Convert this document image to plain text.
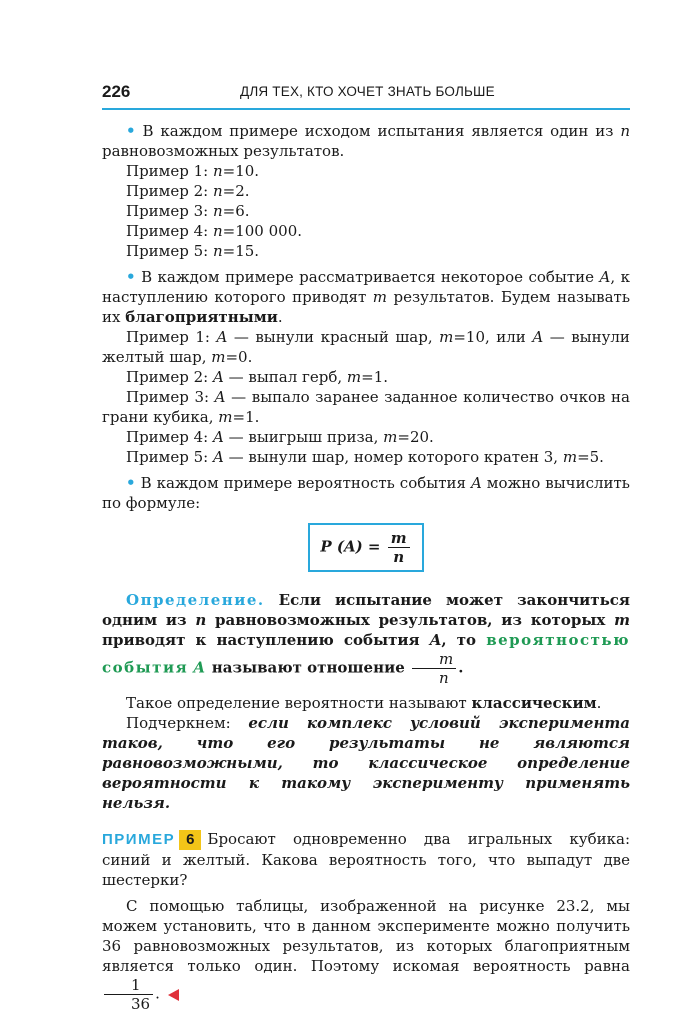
226	ДЛЯ ТЕХ, КТО ХОЧЕТ ЗНАТЬ БОЛЬШЕ

• В каждом примере исходом испытания является один из n равновозможных результатов.

Пример 1: n=10.

Пример 2: n=2.

Пример 3: n=6.

Пример 4: n=100 000.

Пример 5: n=15.

• В каждом примере рассматривается некоторое событие A, к наступлению которого приводят m результатов. Будем называть их благоприятными.

Пример 1: A — вынули красный шар, m=10, или A — вынули желтый шар, m=0.

Пример 2: A — выпал герб, m=1.

Пример 3: A — выпало заранее заданное количество очков на грани кубика, m=1.

Пример 4: A — выигрыш приза, m=20.

Пример 5: A — вынули шар, номер которого кратен 3, m=5.

• В каждом примере вероятность события A можно вычислить по формуле:

P $(A) = \frac{m}{n}$

Определение. Если испытание может закончиться одним из n равновозможных результатов, из которых m приводят к наступлению события A, то вероятностью события A называют отношение $\frac{m}{n}$ .

Такое определение вероятности называют классическим.

Подчеркнем: если комплекс условий эксперимента таков, что его результаты не являются равновозможными, то классическое определение вероятности к такому эксперименту применять нельзя.

ПРИМЕР 6 Бросают одновременно два игральных кубика: синий и желтый. Какова вероятность того, что выпадут две шестерки?

С помощью таблицы, изображенной на рисунке 23.2, мы можем установить, что в данном эксперименте можно получить 36 равновозможных результатов, из которых благоприятным является только один. Поэтому искомая вероятность равна
$\frac{1}{36}$ .
